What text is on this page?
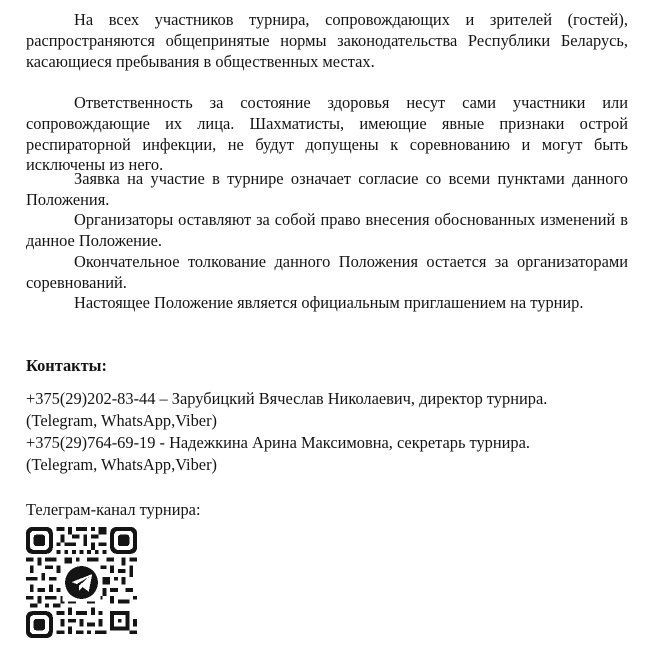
На всех участников турнира, сопровождающих и зрителей (гостей), распространяются общепринятые нормы законодательства Республики Беларусь, касающиеся пребывания в общественных местах.

Ответственность за состояние здоровья несут сами участники или сопровождающие их лица. Шахматисты, имеющие явные признаки острой респираторной инфекции, не будут допущены к соревнованию и могут быть исключены из него.

Заявка на участие в турнире означает согласие со всеми пунктами данного Положения.

Организаторы оставляют за собой право внесения обоснованных изменений в данное Положение.

Окончательное толкование данного Положения остается за организаторами соревнований.

Настоящее Положение является официальным приглашением на турнир.

Контакты:

+375(29)202-83-44 – Зарубицкий Вячеслав Николаевич, директор турнира.

(Telegram, WhatsApp,Viber)

+375(29)764-69-19 - Надежкина Арина Максимовна, секретарь турнира.

(Telegram, WhatsApp,Viber)

Телеграм-канал турнира:
